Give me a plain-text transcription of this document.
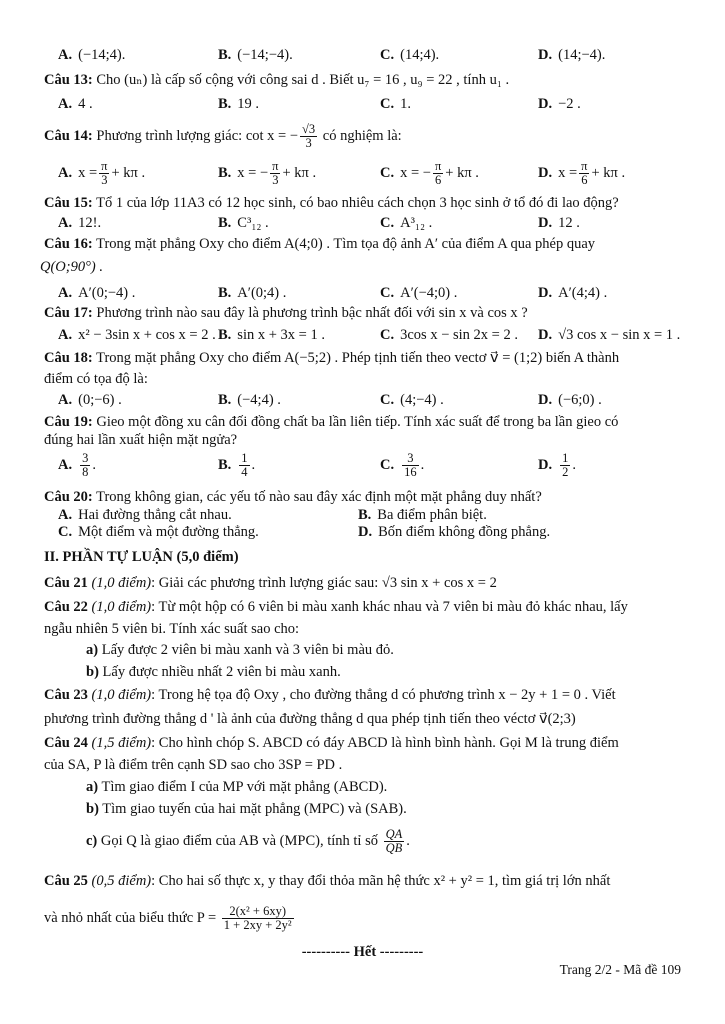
A. (−14;4).	B. (−14;−4).	C. (14;4).	D. (14;−4).
Câu 13: Cho (uₙ) là cấp số cộng với công sai d . Biết u₇ = 16 , u₉ = 22 , tính u₁ .
A. 4 .	B. 19 .	C. 1.	D. −2 .
Câu 14: Phương trình lượng giác: cot x = − $\frac{√3}{3}$ có nghiệm là:
A. $x = \frac{\pi}{3} + k\pi$ .	B. x = − $\frac{\pi}{3} + k\pi$ .	C. x = − $\frac{\pi}{6} + k\pi$ .	D. $x = \frac{\pi}{6} + k\pi$ .
Câu 15: Tổ 1 của lớp 11A3 có 12 học sinh, có bao nhiêu cách chọn 3 học sinh ở tổ đó đi lao động?
A. 12!.	B. C³₁₂ .	C. A³₁₂ .	D. 12 .
Câu 16: Trong mặt phẳng Oxy cho điểm A(4;0) . Tìm tọa độ ảnh A′ của điểm A qua phép quay
Q(O;90°) .
A. A′(0;−4) .	B. A′(0;4) .	C. A′(−4;0) .	D. A′(4;4) .
Câu 17: Phương trình nào sau đây là phương trình bậc nhất đối với sin x và cos x ?
A. x² − 3sin x + cos x = 2 . B. sin x + 3x = 1 .	C. 3cos x − sin 2x = 2 . D. √3 cos x − sin x = 1 .
Câu 18: Trong mặt phẳng Oxy cho điểm A(−5;2) . Phép tịnh tiến theo vectơ v⃗ = (1;2) biến A thành
điểm có tọa độ là:
A. (0;−6) .	B. (−4;4) .	C. (4;−4) .	D. (−6;0) .
Câu 19: Gieo một đồng xu cân đối đồng chất ba lần liên tiếp. Tính xác suất để trong ba lần gieo có
đúng hai lần xuất hiện mặt ngửa?
A. $\frac{3}{8}$ .	B. $\frac{1}{4}$ .	C. $\frac{3}{16}$ .	D. $\frac{1}{2}$ .
Câu 20: Trong không gian, các yếu tố nào sau đây xác định một mặt phẳng duy nhất?
A. Hai đường thẳng cắt nhau.	B. Ba điểm phân biệt.
C. Một điểm và một đường thẳng.	D. Bốn điểm không đồng phẳng.
II. PHẦN TỰ LUẬN (5,0 điểm)
Câu 21 (1,0 điểm): Giải các phương trình lượng giác sau: √3 sin x + cos x = 2
Câu 22 (1,0 điểm): Từ một hộp có 6 viên bi màu xanh khác nhau và 7 viên bi màu đỏ khác nhau, lấy
ngẫu nhiên 5 viên bi. Tính xác suất sao cho:
a) Lấy được 2 viên bi màu xanh và 3 viên bi màu đỏ.
b) Lấy được nhiều nhất 2 viên bi màu xanh.
Câu 23 (1,0 điểm): Trong hệ tọa độ Oxy , cho đường thẳng d có phương trình x − 2y + 1 = 0 . Viết
phương trình đường thẳng d ' là ảnh của đường thẳng d qua phép tịnh tiến theo véctơ v⃗(2;3)
Câu 24 (1,5 điểm): Cho hình chóp S. ABCD có đáy ABCD là hình bình hành. Gọi M là trung điểm
của SA, P là điểm trên cạnh SD sao cho 3SP = PD .
a) Tìm giao điểm I của MP với mặt phẳng (ABCD).
b) Tìm giao tuyến của hai mặt phẳng (MPC) và (SAB).
c) Gọi Q là giao điểm của AB và (MPC), tính tỉ số $\frac{QA}{QB}$ .
Câu 25 (0,5 điểm): Cho hai số thực x, y thay đổi thỏa mãn hệ thức x² + y² = 1, tìm giá trị lớn nhất
và nhỏ nhất của biểu thức $P = \frac{\text{2(x² + 6xy)}}{\text{1 + 2xy + 2y²}}$
---------- Hết ---------
Trang 2/2 - Mã đề 109
